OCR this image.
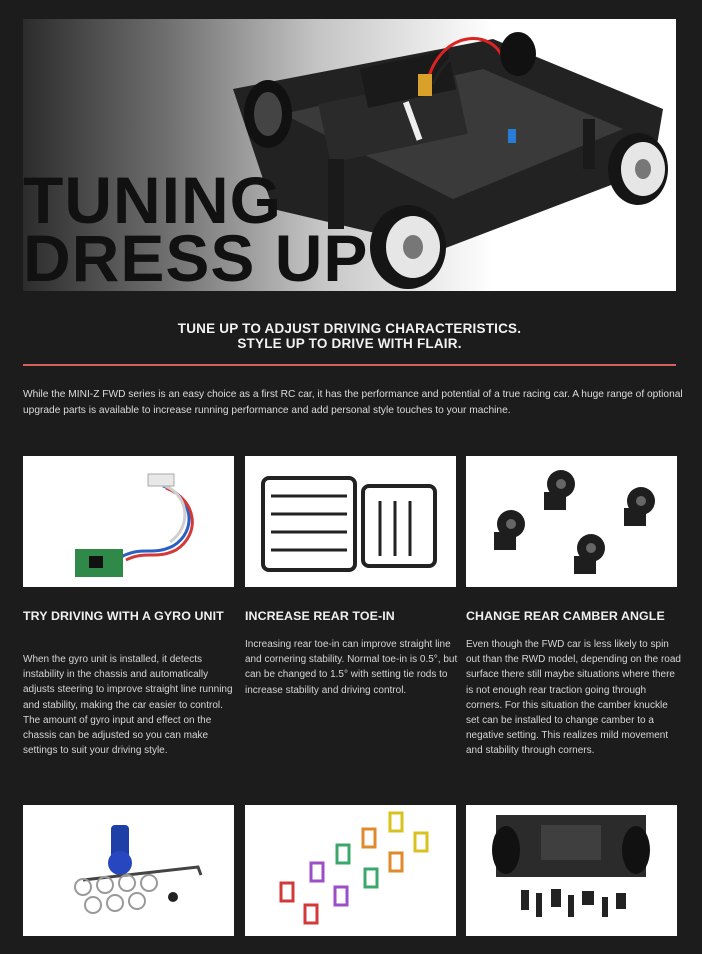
TUNING
DRESS UP
TUNE UP TO ADJUST DRIVING CHARACTERISTICS.
STYLE UP TO DRIVE WITH FLAIR.
While the MINI-Z FWD series is an easy choice as a first RC car, it has the performance and potential of a true racing car. A huge range of optional upgrade parts is available to increase running performance and add personal style touches to your machine.
TRY DRIVING WITH A GYRO UNIT
When the gyro unit is installed, it detects instability in the chassis and automatically adjusts steering to improve straight line running and stability, making the car easier to control. The amount of gyro input and effect on the chassis can be adjusted so you can make settings to suit your driving style.
INCREASE REAR TOE-IN
Increasing rear toe-in can improve straight line and cornering stability. Normal toe-in is 0.5°, but can be changed to 1.5° with setting tie rods to increase stability and driving control.
CHANGE REAR CAMBER ANGLE
Even though the FWD car is less likely to spin out than the RWD model, depending on the road surface there still maybe situations where there is not enough rear traction going through corners. For this situation the camber knuckle set can be installed to change camber to a negative setting. This realizes mild movement and stability through corners.
